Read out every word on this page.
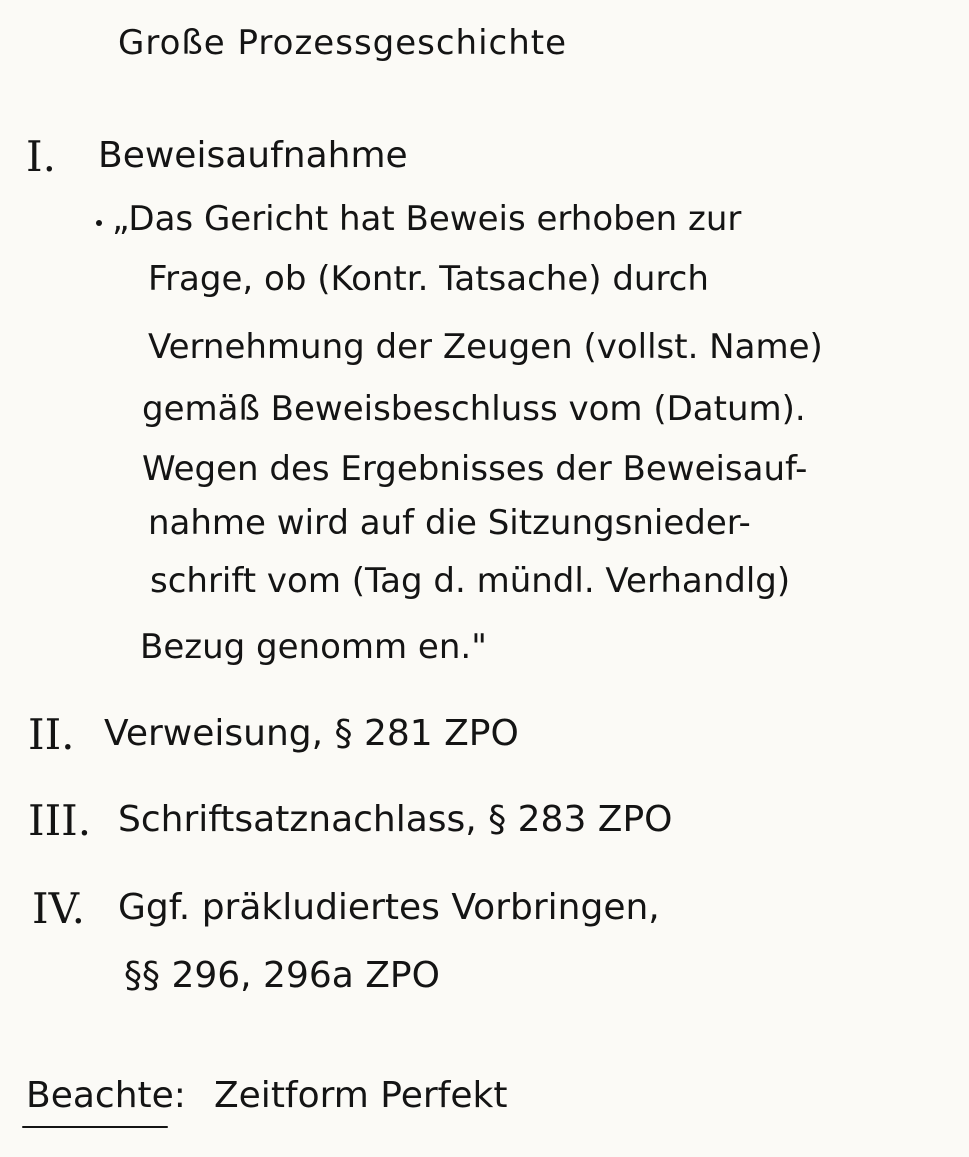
Große Prozessgeschichte
I. Beweisaufnahme
„Das Gericht hat Beweis erhoben zur
Frage, ob (Kontr. Tatsache) durch
Vernehmung der Zeugen (vollst. Name)
gemäß Beweisbeschluss vom (Datum).
Wegen des Ergebnisses der Beweisauf-
nahme wird auf die Sitzungsnieder-
schrift vom (Tag d. mündl. Verhandlg)
Bezug genomm en."
II. Verweisung, § 281 ZPO
III. Schriftsatznachlass, § 283 ZPO
IV. Ggf. präkludiertes Vorbringen,
§§ 296, 296a ZPO
Beachte: Zeitform Perfekt
